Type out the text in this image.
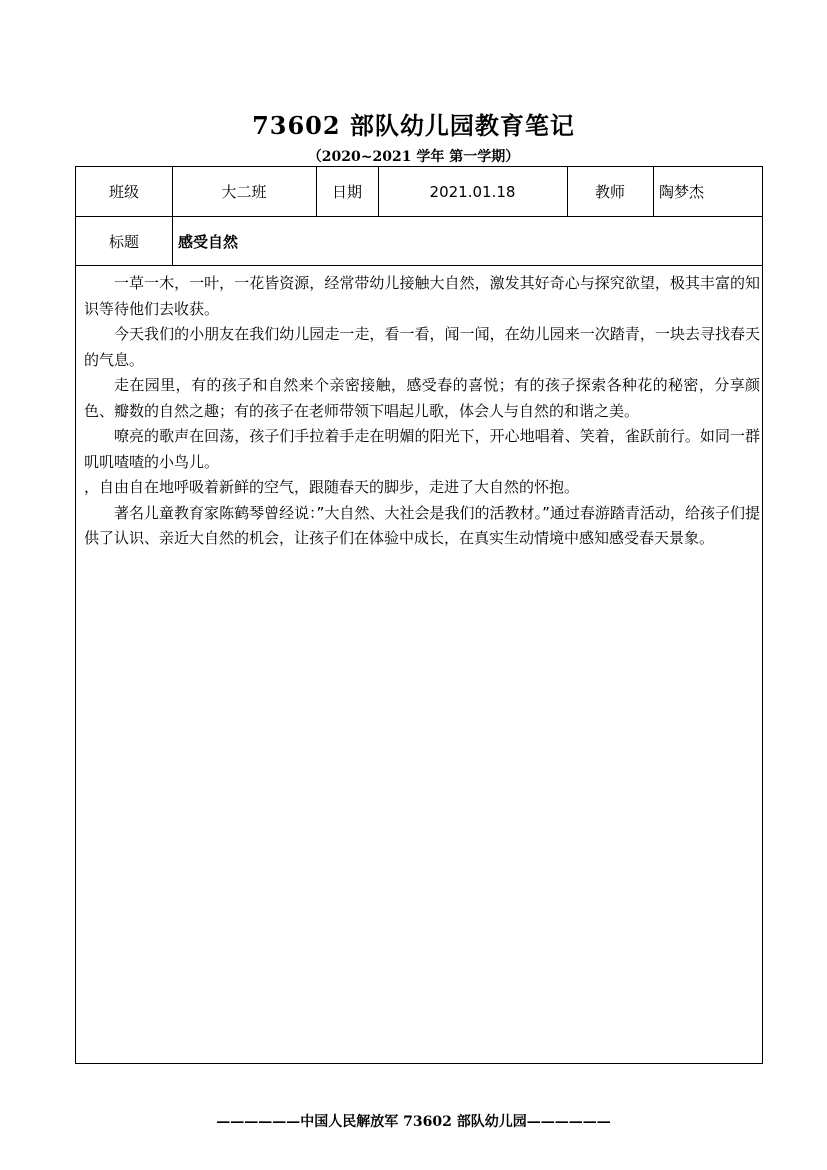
73602 部队幼儿园教育笔记
（2020~2021 学年 第一学期）
班级	大二班	日期	2021.01.18	教师	陶梦杰
标题	感受自然

一草一木，一叶，一花皆资源，经常带幼儿接触大自然，激发其好奇心与探究欲望，极其丰富的知识等待他们去收获。

今天我们的小朋友在我们幼儿园走一走，看一看，闻一闻，在幼儿园来一次踏青，一块去寻找春天的气息。

走在园里，有的孩子和自然来个亲密接触，感受春的喜悦；有的孩子探索各种花的秘密，分享颜色、瓣数的自然之趣；有的孩子在老师带领下唱起儿歌，体会人与自然的和谐之美。

嘹亮的歌声在回荡，孩子们手拉着手走在明媚的阳光下，开心地唱着、笑着，雀跃前行。如同一群叽叽喳喳的小鸟儿。

，自由自在地呼吸着新鲜的空气，跟随春天的脚步，走进了大自然的怀抱。

著名儿童教育家陈鹤琴曾经说：”大自然、大社会是我们的活教材。”通过春游踏青活动，给孩子们提供了认识、亲近大自然的机会，让孩子们在体验中成长，在真实生动情境中感知感受春天景象。

——————中国人民解放军 73602 部队幼儿园——————
